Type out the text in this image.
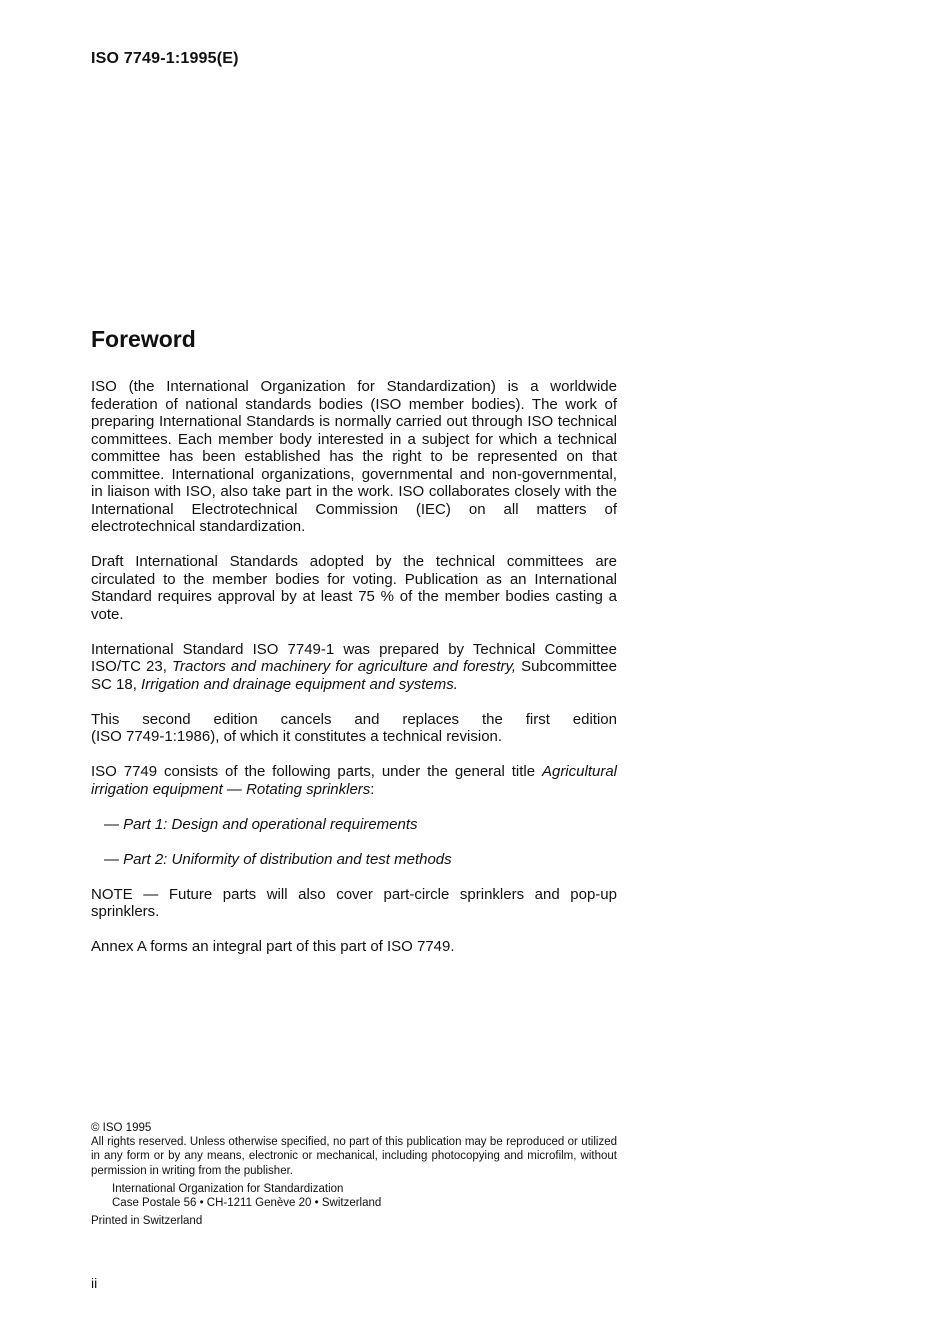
ISO 7749-1:1995(E)
Foreword

ISO (the International Organization for Standardization) is a worldwide federation of national standards bodies (ISO member bodies). The work of preparing International Standards is normally carried out through ISO technical committees. Each member body interested in a subject for which a technical committee has been established has the right to be represented on that committee. International organizations, governmental and non-governmental, in liaison with ISO, also take part in the work. ISO collaborates closely with the International Electrotechnical Commission (IEC) on all matters of electrotechnical standardization.

Draft International Standards adopted by the technical committees are circulated to the member bodies for voting. Publication as an International Standard requires approval by at least 75 % of the member bodies casting a vote.

International Standard ISO 7749-1 was prepared by Technical Committee ISO/TC 23, Tractors and machinery for agriculture and forestry, Subcommittee SC 18, Irrigation and drainage equipment and systems.

This second edition cancels and replaces the first edition
(ISO 7749-1:1986), of which it constitutes a technical revision.

ISO 7749 consists of the following parts, under the general title Agricultural irrigation equipment — Rotating sprinklers:

— Part 1: Design and operational requirements

— Part 2: Uniformity of distribution and test methods

NOTE — Future parts will also cover part-circle sprinklers and pop-up sprinklers.

Annex A forms an integral part of this part of ISO 7749.

© ISO 1995
All rights reserved. Unless otherwise specified, no part of this publication may be reproduced or utilized in any form or by any means, electronic or mechanical, including photocopying and microfilm, without permission in writing from the publisher.
International Organization for Standardization
Case Postale 56 • CH-1211 Genève 20 • Switzerland
Printed in Switzerland
ii
